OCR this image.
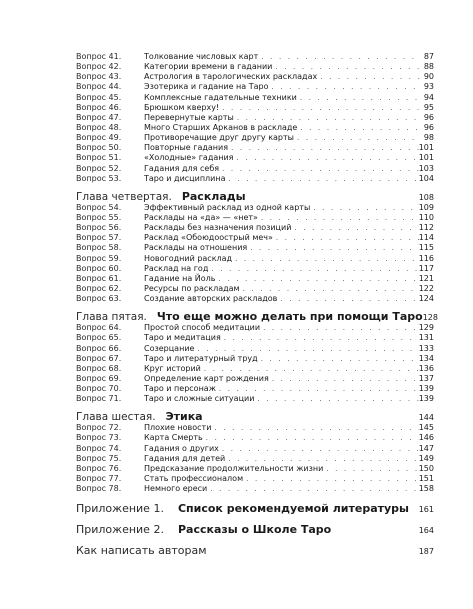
Вопрос 41.	Толкование числовых карт . . .	87
Вопрос 42.	Категории времени в гадании . . .	88
Вопрос 43.	Астрология в тарологических раскладах . . .	90
Вопрос 44.	Эзотерика и гадание на Таро . . .	93
Вопрос 45.	Комплексные гадательные техники . . .	94
Вопрос 46.	Брюшком кверху! . . .	95
Вопрос 47.	Перевернутые карты . . .	96
Вопрос 48.	Много Старших Арканов в раскладе . . .	96
Вопрос 49.	Противоречащие друг другу карты . . .	98
Вопрос 50.	Повторные гадания . . .	101
Вопрос 51.	«Холодные» гадания . . .	101
Вопрос 52.	Гадания для себя . . .	103
Вопрос 53.	Таро и дисциплина . . .	104
Глава четвертая. Расклады	108
Вопрос 54.	Эффективный расклад из одной карты . . .	109
Вопрос 55.	Расклады на «да» — «нет» . . .	110
Вопрос 56.	Расклады без назначения позиций . . .	112
Вопрос 57.	Расклад «Обоюдоострый меч» . . .	114
Вопрос 58.	Расклады на отношения . . .	115
Вопрос 59.	Новогодний расклад . . .	116
Вопрос 60.	Расклад на год . . .	117
Вопрос 61.	Гадание на Йоль . . .	121
Вопрос 62.	Ресурсы по раскладам . . .	122
Вопрос 63.	Создание авторских раскладов . . .	124
Глава пятая. Что еще можно делать при помощи Таро 128
Вопрос 64.	Простой способ медитации . . .	129
Вопрос 65.	Таро и медитация . . .	131
Вопрос 66.	Созерцание . . .	133
Вопрос 67.	Таро и литературный труд . . .	134
Вопрос 68.	Круг историй . . .	136
Вопрос 69.	Определение карт рождения . . .	137
Вопрос 70.	Таро и персонаж . . .	139
Вопрос 71.	Таро и сложные ситуации . . .	139
Глава шестая. Этика	144
Вопрос 72.	Плохие новости . . .	145
Вопрос 73.	Карта Смерть . . .	146
Вопрос 74.	Гадания о других . . .	147
Вопрос 75.	Гадания для детей . . .	149
Вопрос 76.	Предсказание продолжительности жизни . . .	150
Вопрос 77.	Стать профессионалом . . .	151
Вопрос 78.	Немного ереси . . .	158
Приложение 1. Список рекомендуемой литературы 161
Приложение 2. Рассказы о Школе Таро	164
Как написать авторам	187
